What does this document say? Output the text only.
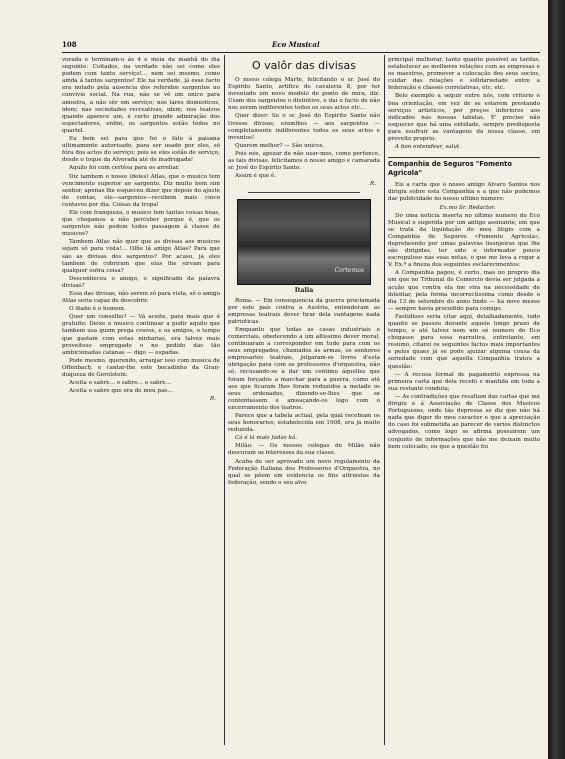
108	Eco Musical

vorada e terminam-o ás 4 e meia da manhã do dia seguinte: Coitados, na verdade não sei como eles podem com tanto serviço!... nem sei mesmo, como ainda á tantos sargentos! Ele na verdade, já esse facto era notado pela ausencia dos referidos sargentos no convivio social. Na rua, não se vê um unico para amostra, a não sêr em serviço; nos lares domesticos, idem; nas sociedades recreativas, idem; nos teatros quando aparece um, é certo grande admiração dos espectadores, enfim, os sargentos estão todos no quartel.

Eu bem sei para que foi o fáto á paisana ultimamente autorisado, para ser usado por eles, só fóra dos actos do serviço; pois se eles estão de serviço, desde o toque da Alvorada até de madrugada!

Aquilo foi com certêsa para os arreliar.

Diz tambem o nosso (deles) Atlas, que o musico tem vencimento superior ao sargento. Diz muito bem sim senhor, apenas lhe esqueceu dizer que depois do ajuste de contas, ele—sargentos—recebem mais cinco centavos por dia. Coisas da tropa!

Ele com franqueza, o musico tem tantas coisas boas, que chegamos a não perceber porque é, que os sargentos não pedem todos passagem á classe de musicos?

Tambem Atlas não quer que as divisas aos musicos sejam só para vista!... Olhe lá amigo Atlas? Para que são as divisas dos sargentos? Por acaso, já eles tambem de cobriram que elas lhe sirvam para qualquer outra coisa?

Desconheceu o amigo, o significado da palavra divisas?

Essa das divisas, não serem só para vista, só o amigo Atlas seria capaz de descobrir.

O diabo é o homem.

Quer um conselho? — Vá aceite, para mais que é gratuito: Deixe o musico continuar a pedir aquilo que tambem usa quem prega cravos, e os amigos, o tempo que gastam com estas ninharias, era talvez mais proveitoso empregado o no pedido das tão ambicionadas catanas — digo — espadas.

Pode mesmo, querendo, arranjar isso com musica de Offenbach, e cantar-lhe este bocadinho da Gran-duqueza de Gerolstein:

Aceita o sabre... o sabre... o sabre...

Aceita o sabre que era de meu pae...

R.
O valôr das divisas

O nosso colega Marte, felicitando o sr. José do Espirito Santo, artifice de cavaleria 8, por ter inventado um novo modelo de ponto de mira, diz: Usam dos sargentos o distintivo, e daí o facto de não nos serem indiferentes todos os seus actos etc...

Quer dizer: Se o sr. José do Espirito Santo não tivesse divisas, eramlhes — aos sargentos — completamente indiferentes todos os seus actos e inventos!

Querem melhor? — São unicos.

Pois nós, apezar de não usar-mos, como pertence, as tais divisas, felicitamos o nosso amigo e camarada sr. José do Espirito Santo.

Assim é que é.

R.
Cortemos
Italia

Roma. — Em consequencia da guerra proclamada por este país contra a Austria, entenderam as empresas teatrais dever tirar dela vantagens nada patrioticas.

Emquanto que todas as casas industriais e comerciais, obedecendo a um altissimo dever moral, continuaram a corresponder em tudo para com os seus empregados, chamados ás armas, os senhores empresarios teatrais, julgaram-se livres d'esta obrigação para com os professores d'orquestra, não só, recusando-se a dar um centimo áquelles que foram forçados a marchar para a guerra, como até aos que ficaram lhes foram reduzidos a metade os seus ordenados, dizendo-se-lhes que se contentassem e ameaçando-os logo com o encerramento dos teatros.

Parece que a tabela actual, pela qual recebiam os seus honorarios, estabelecida em 1908, era já muito reduzida.

Cá é lá mais fadas há.

Milão. — Os nossos colegas de Milão não descuram os interesses da sua classe.

Acaba de ser aprovado um novo regulamento da Federação Italiana dos Professores d'Orquestra, no qual se põem em evidencia os fins altruistas da federação, sendo o seu alvo

principal melhorar, tanto quanto possivel as tarifas, estabelecer as melhores relações com as empresas e os maestros, promover a colocação dos seus socios, cuidar das relações e solidariedade entre a federação e classes correlativas, etc, etc.

Belo exemplo a seguir entre nós, com criterio e boa orientação, em vez de se estarem prestando serviços artisticos, por preços inferiores aos indicados nas nossas tabelas. É' preciso não esquecer que há uma entidade, sempre predisposta para usufruir as vantagens da nossa classe, em proveito proprio.

A bon entendeur, salut.

Companhia de Seguros "Fomento Agricola"

Eis a carta que o nosso amigo Alvaro Santos nos dirigiu sobre esta Companhia e a que não podemos dar publicidade no nosso ultimo numero:

Ex.mo Sr. Redactor.

Do uma noticia inserta no ultimo numero do Eco Musical e sugerida por um antigo assinante, em que se trata da liquidação do meu litigio com a Companhia de Seguros «Fomento Agricola», depreheendo por umas palavras lisonjeiras que lhe são dirigidas, ter sido o informador pouco escrupuloso nas suas notas, o que me leva a rogar a V. Ex.ª a fineza dos seguintes esclarecimentos:

A Companhia pagou, é certo, mas no proprio dia em que no Tribunal do Comercio devia ser julgada a acção que contra ela me vira na necessidade de intentar, pela forma incorrectissima como desde o dia 13 de setembro do anno findo — ha nove mezes — sempre havia procedido para comigo.

Fastidioso seria citar aqui, detalhadamente, tudo quanto se passou durante aquele longo prazo de tempo, e até talvez nem um só numero do Eco chegasse para essa narrativa, entretanto, em resumo, citarei os seguintes factos mais importantes e pelos quaes já se pode ajuizar alguma cousa da seriedade com que aquella Companhia tratou a questão:

— A recusa formal de pagamento expressa na primeira carta que dela recebi e mantida em toda a sua restante conduta;

— As contradições que resaltam das cartas que me dirigiu e á Associação de Classe dos Musicos Portuguezes, onde tão depressa se diz que não há nada que diger do meu caracter e que a apreciação do caso foi submetida ao parecer de varios distinctos advogados, como logo se afirma possuirem um conjunto de informações que não me deixam muito bem colocado, ou que a questão foi
